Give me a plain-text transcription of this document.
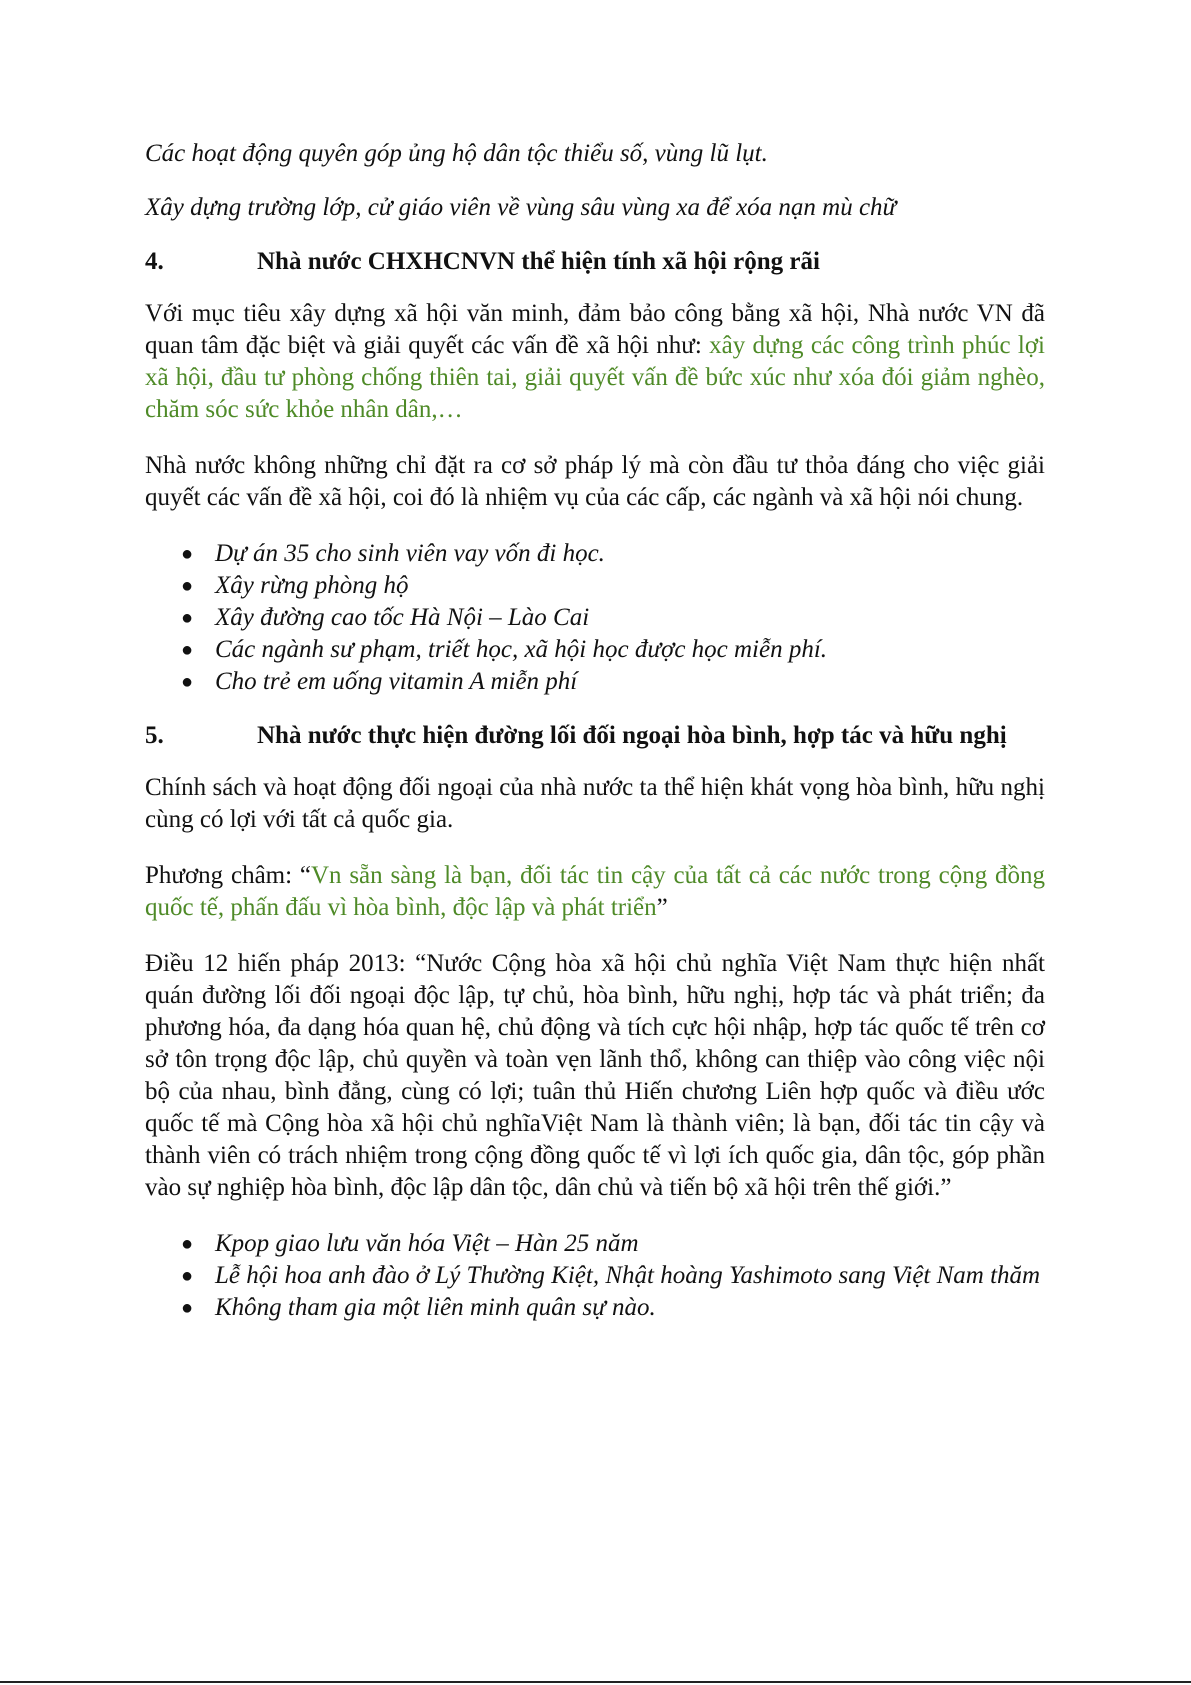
Các hoạt động quyên góp ủng hộ dân tộc thiểu số, vùng lũ lụt.

Xây dựng trường lớp, cử giáo viên về vùng sâu vùng xa để xóa nạn mù chữ

4.	Nhà nước CHXHCNVN thể hiện tính xã hội rộng rãi

Với mục tiêu xây dựng xã hội văn minh, đảm bảo công bằng xã hội, Nhà nước VN đã quan tâm đặc biệt và giải quyết các vấn đề xã hội như: xây dựng các công trình phúc lợi xã hội, đầu tư phòng chống thiên tai, giải quyết vấn đề bức xúc như xóa đói giảm nghèo, chăm sóc sức khỏe nhân dân,…

Nhà nước không những chỉ đặt ra cơ sở pháp lý mà còn đầu tư thỏa đáng cho việc giải quyết các vấn đề xã hội, coi đó là nhiệm vụ của các cấp, các ngành và xã hội nói chung.

● Dự án 35 cho sinh viên vay vốn đi học.
● Xây rừng phòng hộ
● Xây đường cao tốc Hà Nội – Lào Cai
● Các ngành sư phạm, triết học, xã hội học được học miễn phí.
● Cho trẻ em uống vitamin A miễn phí

5.	Nhà nước thực hiện đường lối đối ngoại hòa bình, hợp tác và hữu nghị

Chính sách và hoạt động đối ngoại của nhà nước ta thể hiện khát vọng hòa bình, hữu nghị cùng có lợi với tất cả quốc gia.

Phương châm: “Vn sẵn sàng là bạn, đối tác tin cậy của tất cả các nước trong cộng đồng quốc tế, phấn đấu vì hòa bình, độc lập và phát triển”

Điều 12 hiến pháp 2013: “Nước Cộng hòa xã hội chủ nghĩa Việt Nam thực hiện nhất quán đường lối đối ngoại độc lập, tự chủ, hòa bình, hữu nghị, hợp tác và phát triển; đa phương hóa, đa dạng hóa quan hệ, chủ động và tích cực hội nhập, hợp tác quốc tế trên cơ sở tôn trọng độc lập, chủ quyền và toàn vẹn lãnh thổ, không can thiệp vào công việc nội bộ của nhau, bình đẳng, cùng có lợi; tuân thủ Hiến chương Liên hợp quốc và điều ước quốc tế mà Cộng hòa xã hội chủ nghĩaViệt Nam là thành viên; là bạn, đối tác tin cậy và thành viên có trách nhiệm trong cộng đồng quốc tế vì lợi ích quốc gia, dân tộc, góp phần vào sự nghiệp hòa bình, độc lập dân tộc, dân chủ và tiến bộ xã hội trên thế giới.”

● Kpop giao lưu văn hóa Việt – Hàn 25 năm
● Lễ hội hoa anh đào ở Lý Thường Kiệt, Nhật hoàng Yashimoto sang Việt Nam thăm
● Không tham gia một liên minh quân sự nào.
